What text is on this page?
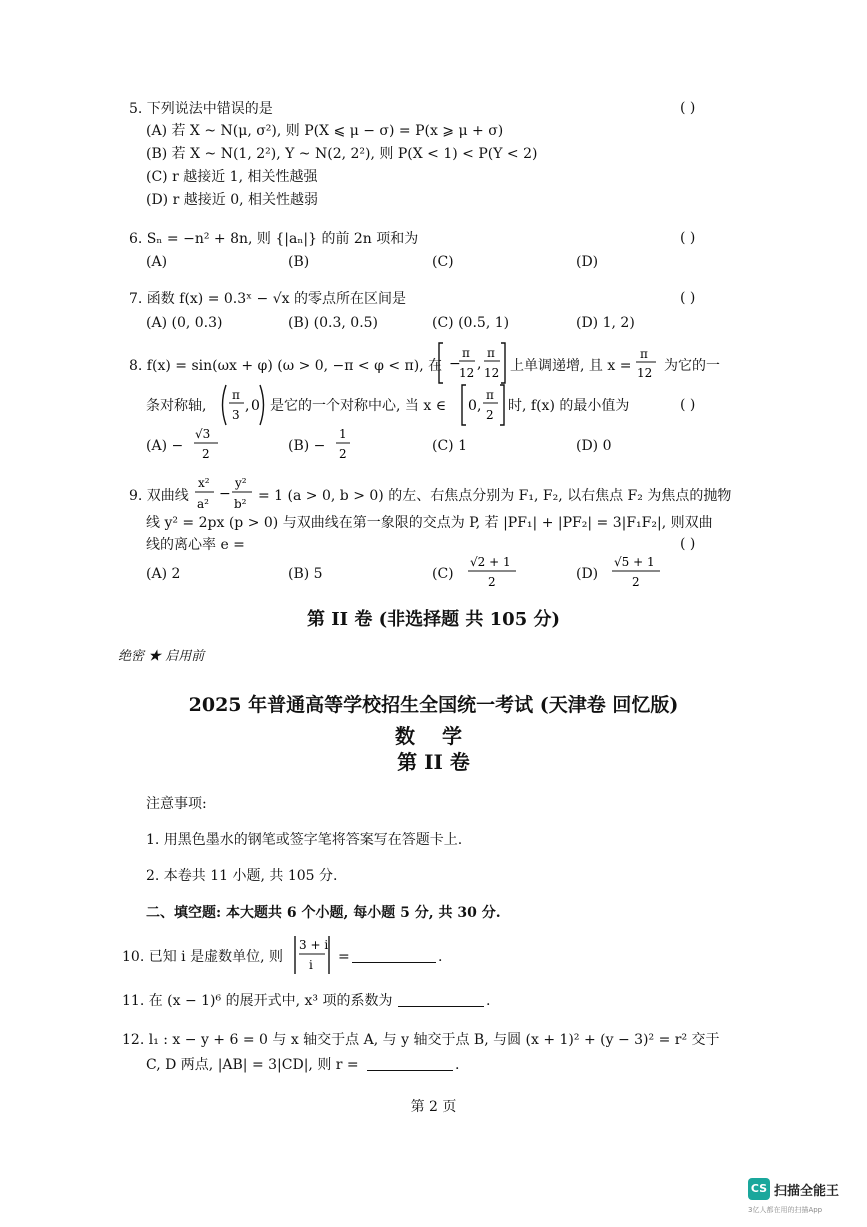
5. 下列说法中错误的是	( )
(A) 若 X ~ N(μ, σ²), 则 P(X ⩽ μ − σ) = P(x ⩾ μ + σ)
(B) 若 X ~ N(1, 2²), Y ~ N(2, 2²), 则 P(X < 1) < P(Y < 2)
(C) r 越接近 1, 相关性越强
(D) r 越接近 0, 相关性越弱
6. Sₙ = −n² + 8n, 则 {|aₙ|} 的前 2n 项和为	( )
(A)	(B)	(C)	(D)
7. 函数 f(x) = 0.3ˣ − √x 的零点所在区间是	( )
(A) (0, 0.3)	(B) (0.3, 0.5)	(C) (0.5, 1)	(D) 1, 2)
8. f(x) = sin(ωx + φ) (ω > 0, −π < φ < π), 在 −
π
12
,
π
12 上单调递增, 且 x =
π
12 为它的一
条对称轴,
π
3
, 0 是它的一个对称中心, 当 x ∈ 0 ,
π
2
时, f(x) 的最小值为	( )
(A) −
√3
2	(B) −
1
2	(C) 1	(D) 0
9. 双曲线
x²
a²
−
y²
b² = 1 (a > 0, b > 0) 的左、右焦点分别为 F₁, F₂, 以右焦点 F₂ 为焦点的抛物
线 y² = 2px (p > 0) 与双曲线在第一象限的交点为 P, 若 |PF₁| + |PF₂| = 3|F₁F₂|, 则双曲
线的离心率 e =	( )
(A) 2	(B) 5	(C)
√2 + 1
2	(D)
√5 + 1
2
第 II 卷 (非选择题 共 105 分)
绝密 ★ 启用前
2025 年普通高等学校招生全国统一考试 (天津卷 回忆版)
数 学
第 II 卷
注意事项:
1. 用黑色墨水的钢笔或签字笔将答案写在答题卡上.
2. 本卷共 11 小题, 共 105 分.
二、填空题: 本大题共 6 个小题, 每小题 5 分, 共 30 分.
10. 已知 i 是虚数单位, 则
3 + i
i =	.
11. 在 (x − 1)⁶ 的展开式中, x³ 项的系数为	.
12. l₁ : x − y + 6 = 0 与 x 轴交于点 A, 与 y 轴交于点 B, 与圆 (x + 1)² + (y − 3)² = r² 交于
C, D 两点, |AB| = 3|CD|, 则 r =	.
第 2 页
CS 扫描全能王
3亿人都在用的扫描App
